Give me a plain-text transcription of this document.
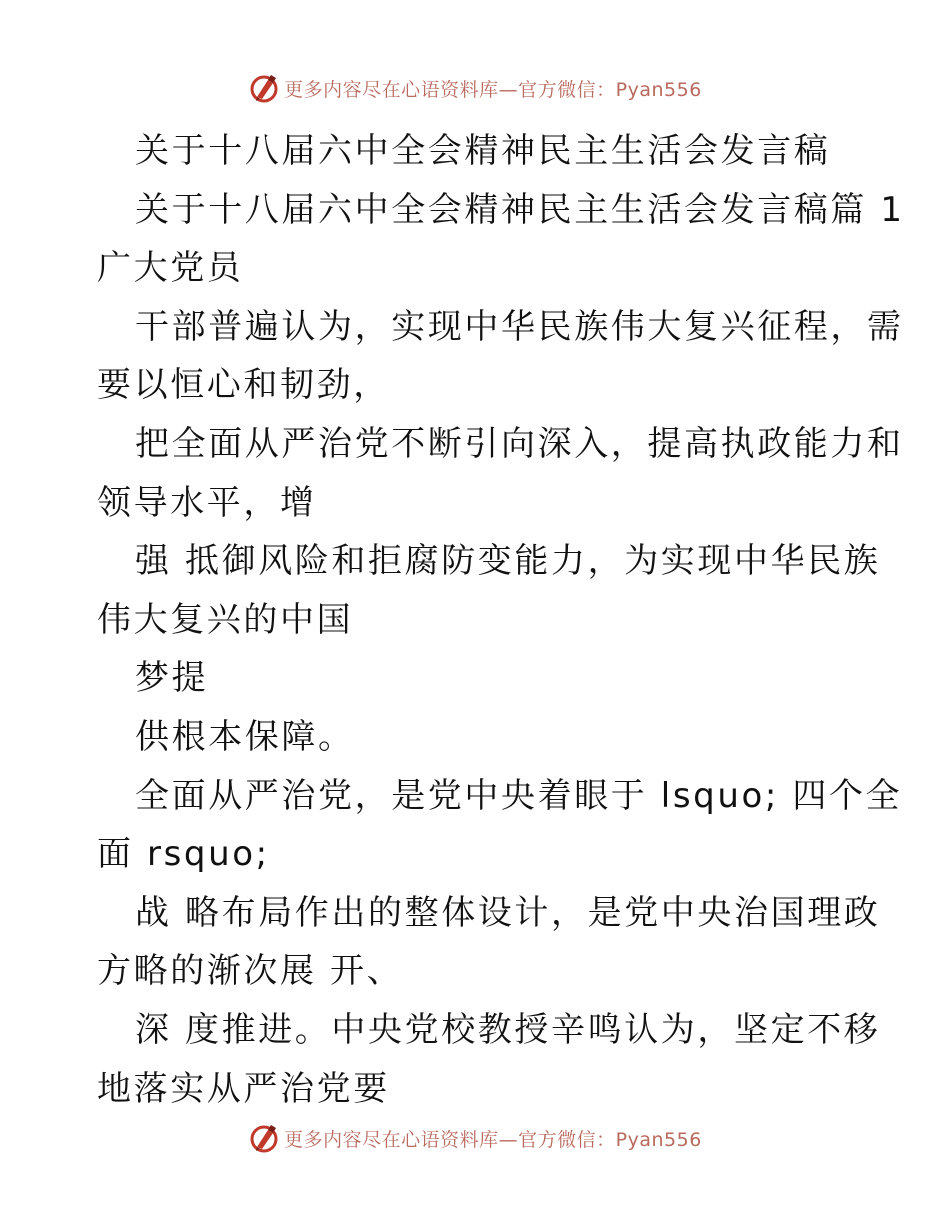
更多内容尽在心语资料库—官方微信：Pyan556
关于十八届六中全会精神民主生活会发言稿
关于十八届六中全会精神民主生活会发言稿篇 1
广大党员
干部普遍认为，实现中华民族伟大复兴征程，需
要以恒心和韧劲，
把全面从严治党不断引向深入，提高执政能力和
领导水平，增
强 抵御风险和拒腐防变能力，为实现中华民族
伟大复兴的中国
梦提
供根本保障。
全面从严治党，是党中央着眼于 lsquo; 四个全
面 rsquo;
战 略布局作出的整体设计，是党中央治国理政
方略的渐次展 开、
深 度推进。中央党校教授辛鸣认为，坚定不移
地落实从严治党要
更多内容尽在心语资料库—官方微信：Pyan556
